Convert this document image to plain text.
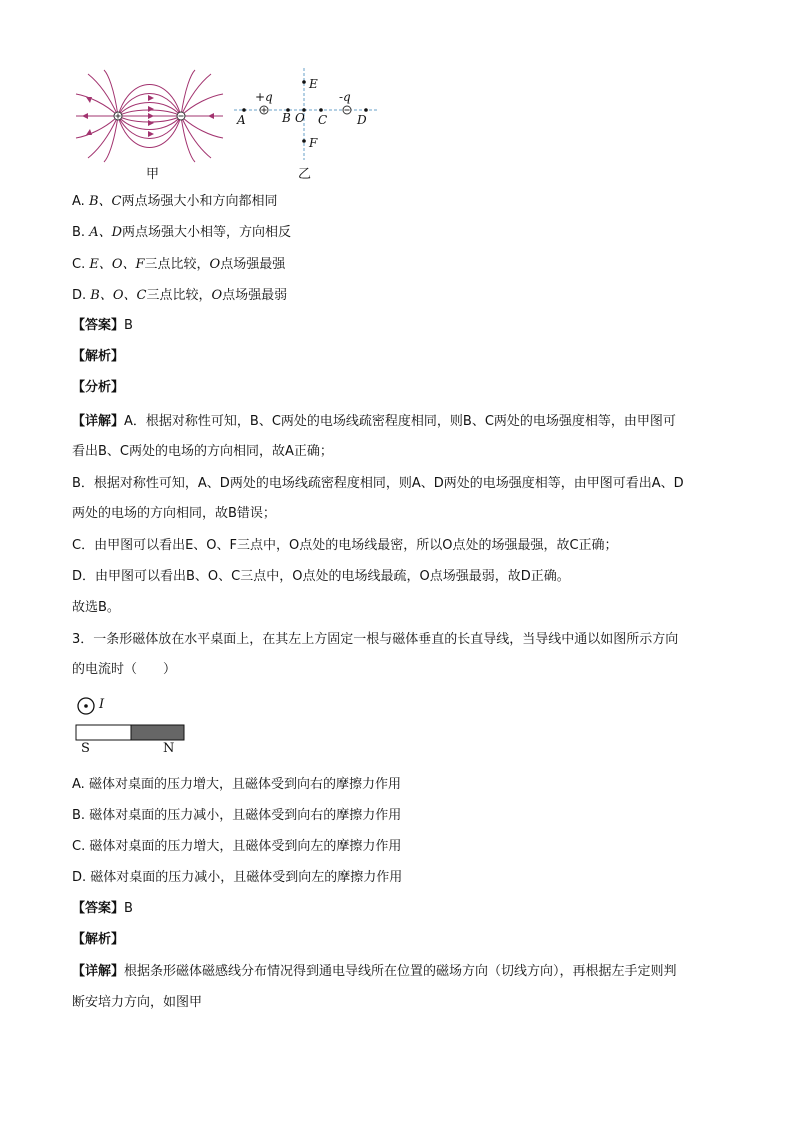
+q	-q
A	B O C D
E
F
甲	乙
A. B、C两点场强大小和方向都相同
B. A、D两点场强大小相等，方向相反
C. E、O、F三点比较，O点场强最强
D. B、O、C三点比较，O点场强最弱
【答案】B
【解析】
【分析】
【详解】A．根据对称性可知，B、C两处的电场线疏密程度相同，则B、C两处的电场强度相等，由甲图可
看出B、C两处的电场的方向相同，故A正确；
B．根据对称性可知，A、D两处的电场线疏密程度相同，则A、D两处的电场强度相等，由甲图可看出A、D
两处的电场的方向相同，故B错误；
C．由甲图可以看出E、O、F三点中，O点处的电场线最密，所以O点处的场强最强，故C正确；
D．由甲图可以看出B、O、C三点中，O点处的电场线最疏，O点场强最弱，故D正确。
故选B。
3．一条形磁体放在水平桌面上，在其左上方固定一根与磁体垂直的长直导线，当导线中通以如图所示方向
的电流时（　　）
I
S	N
A. 磁体对桌面的压力增大，且磁体受到向右的摩擦力作用
B. 磁体对桌面的压力减小，且磁体受到向右的摩擦力作用
C. 磁体对桌面的压力增大，且磁体受到向左的摩擦力作用
D. 磁体对桌面的压力减小，且磁体受到向左的摩擦力作用
【答案】B
【解析】
【详解】根据条形磁体磁感线分布情况得到通电导线所在位置的磁场方向（切线方向），再根据左手定则判
断安培力方向，如图甲
